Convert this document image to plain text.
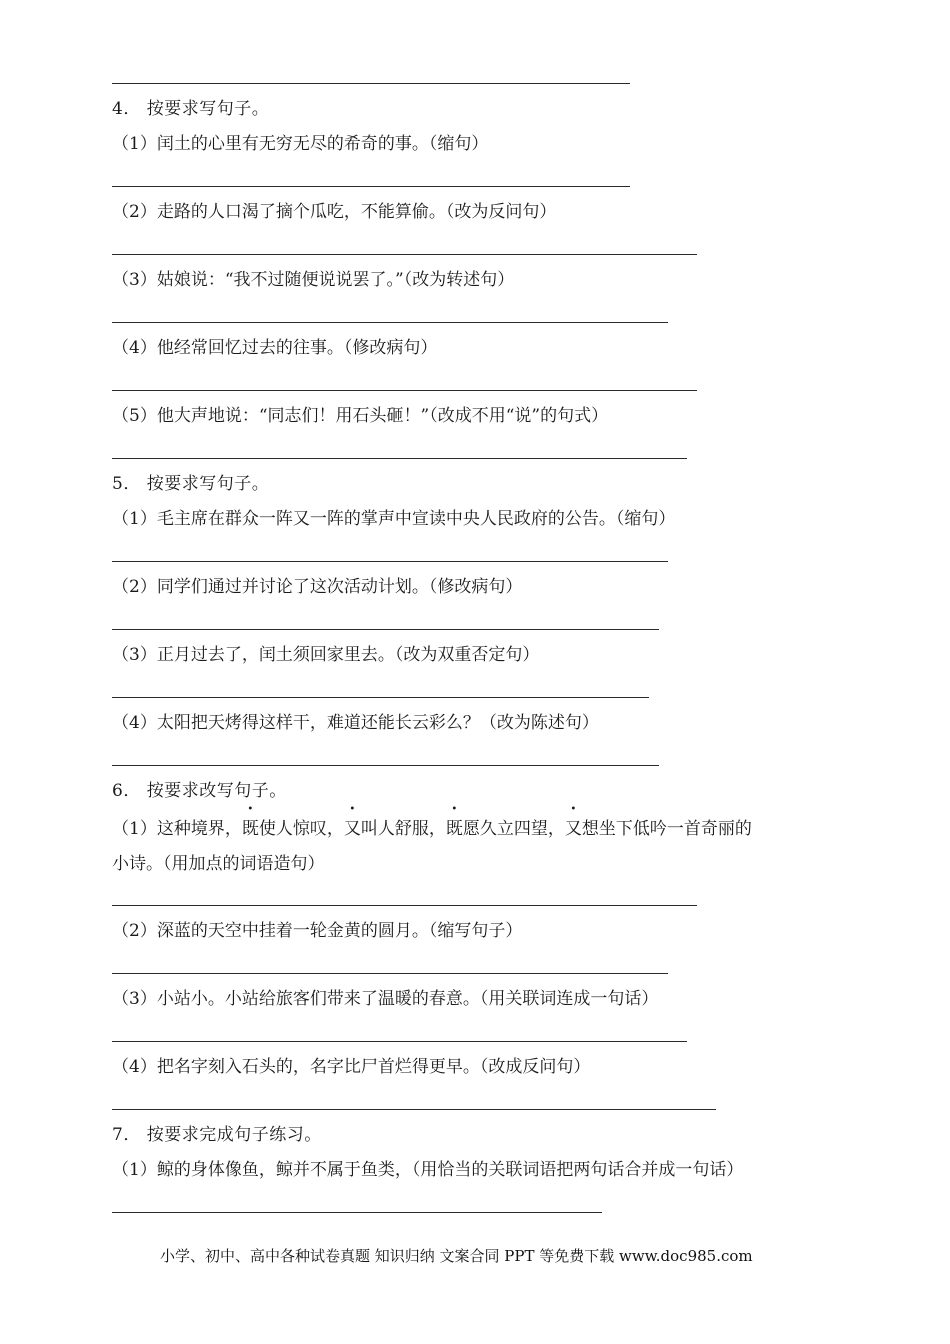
4． 按要求写句子。
（1）闰土的心里有无穷无尽的希奇的事。（缩句）
（2）走路的人口渴了摘个瓜吃，不能算偷。（改为反问句）
（3）姑娘说：“我不过随便说说罢了。”（改为转述句）
（4）他经常回忆过去的往事。（修改病句）
（5）他大声地说：“同志们！用石头砸！”（改成不用“说”的句式）
5． 按要求写句子。
（1）毛主席在群众一阵又一阵的掌声中宣读中央人民政府的公告。（缩句）
（2）同学们通过并讨论了这次活动计划。（修改病句）
（3）正月过去了，闰土须回家里去。（改为双重否定句）
（4）太阳把天烤得这样干，难道还能长云彩么？（改为陈述句）
6． 按要求改写句子。
（1）这种境界，既使人惊叹，又叫人舒服，既愿久立四望，又想坐下低吟一首奇丽的
小诗。（用加点的词语造句）
（2）深蓝的天空中挂着一轮金黄的圆月。（缩写句子）
（3）小站小。小站给旅客们带来了温暖的春意。（用关联词连成一句话）
（4）把名字刻入石头的，名字比尸首烂得更早。（改成反问句）
7． 按要求完成句子练习。
（1）鲸的身体像鱼，鲸并不属于鱼类，（用恰当的关联词语把两句话合并成一句话）
小学、初中、高中各种试卷真题 知识归纳 文案合同 PPT 等免费下载 www.doc985.com
